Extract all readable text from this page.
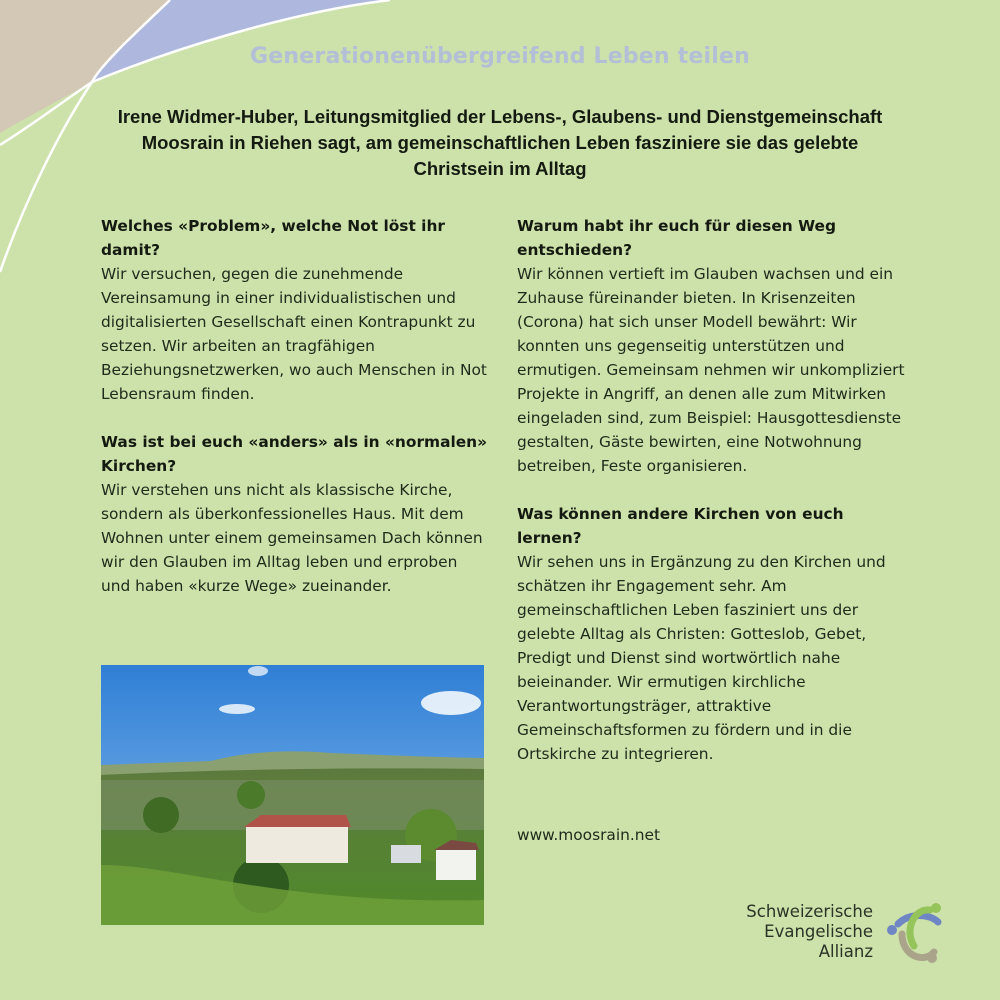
Generationenübergreifend Leben teilen
Irene Widmer-Huber, Leitungsmitglied der Lebens-, Glaubens- und Dienstgemeinschaft Moosrain in Riehen sagt, am gemeinschaftlichen Leben fasziniere sie das gelebte Christsein im Alltag
Welches «Problem», welche Not löst ihr damit?
Wir versuchen, gegen die zunehmende Vereinsamung in einer individualistischen und digitalisierten Gesellschaft einen Kontrapunkt zu setzen. Wir arbeiten an tragfähigen Beziehungsnetzwerken, wo auch Menschen in Not Lebensraum finden.
Was ist bei euch «anders» als in «normalen» Kirchen?
Wir verstehen uns nicht als klassische Kirche, sondern als überkonfessionelles Haus. Mit dem Wohnen unter einem gemeinsamen Dach können wir den Glauben im Alltag leben und erproben und haben «kurze Wege» zueinander.
Warum habt ihr euch für diesen Weg entschieden?
Wir können vertieft im Glauben wachsen und ein Zuhause füreinander bieten. In Krisenzeiten (Corona) hat sich unser Modell bewährt: Wir konnten uns gegenseitig unterstützen und ermutigen. Gemeinsam nehmen wir unkompliziert Projekte in Angriff, an denen alle zum Mitwirken eingeladen sind, zum Beispiel: Hausgottesdienste gestalten, Gäste bewirten, eine Notwohnung betreiben, Feste organisieren.
Was können andere Kirchen von euch lernen?
Wir sehen uns in Ergänzung zu den Kirchen und schätzen ihr Engagement sehr. Am gemeinschaftlichen Leben fasziniert uns der gelebte Alltag als Christen: Gotteslob, Gebet, Predigt und Dienst sind wortwörtlich nahe beieinander. Wir ermutigen kirchliche Verantwortungsträger, attraktive Gemeinschaftsformen zu fördern und in die Ortskirche zu integrieren.
www.moosrain.net
Schweizerische
Evangelische
Allianz
